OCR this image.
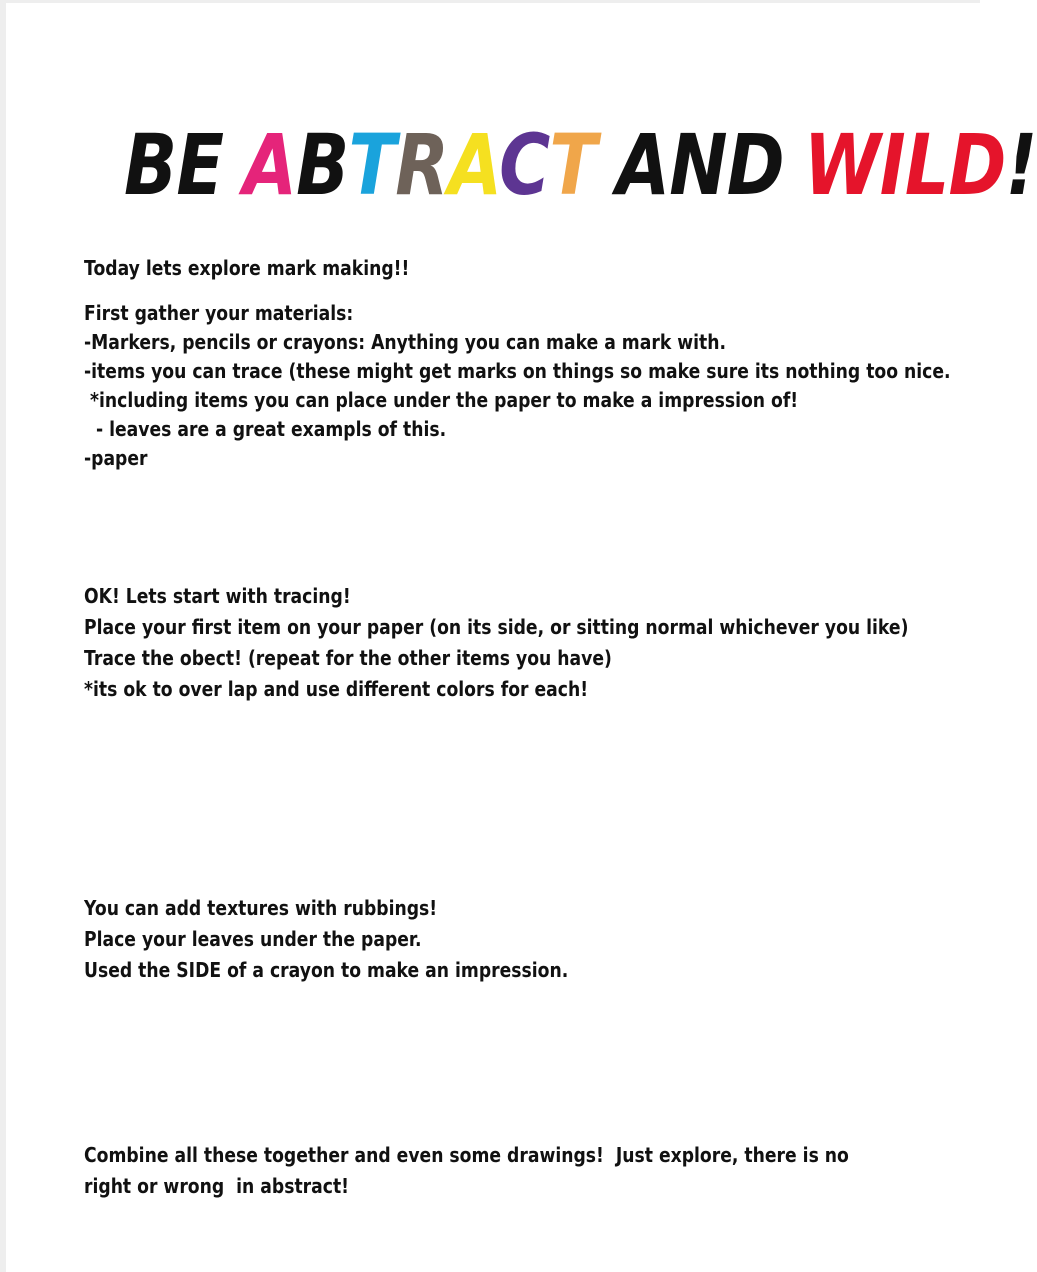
BE ABTRACT AND WILD!
Today lets explore mark making!!
First gather your materials:
-Markers, pencils or crayons: Anything you can make a mark with.
-items you can trace (these might get marks on things so make sure its nothing too nice.
*including items you can place under the paper to make a impression of!
- leaves are a great exampls of this.
-paper
OK! Lets start with tracing!
Place your first item on your paper (on its side, or sitting normal whichever you like)
Trace the obect! (repeat for the other items you have)
*its ok to over lap and use different colors for each!
You can add textures with rubbings!
Place your leaves under the paper.
Used the SIDE of a crayon to make an impression.
Combine all these together and even some drawings!  Just explore, there is no
right or wrong  in abstract!
